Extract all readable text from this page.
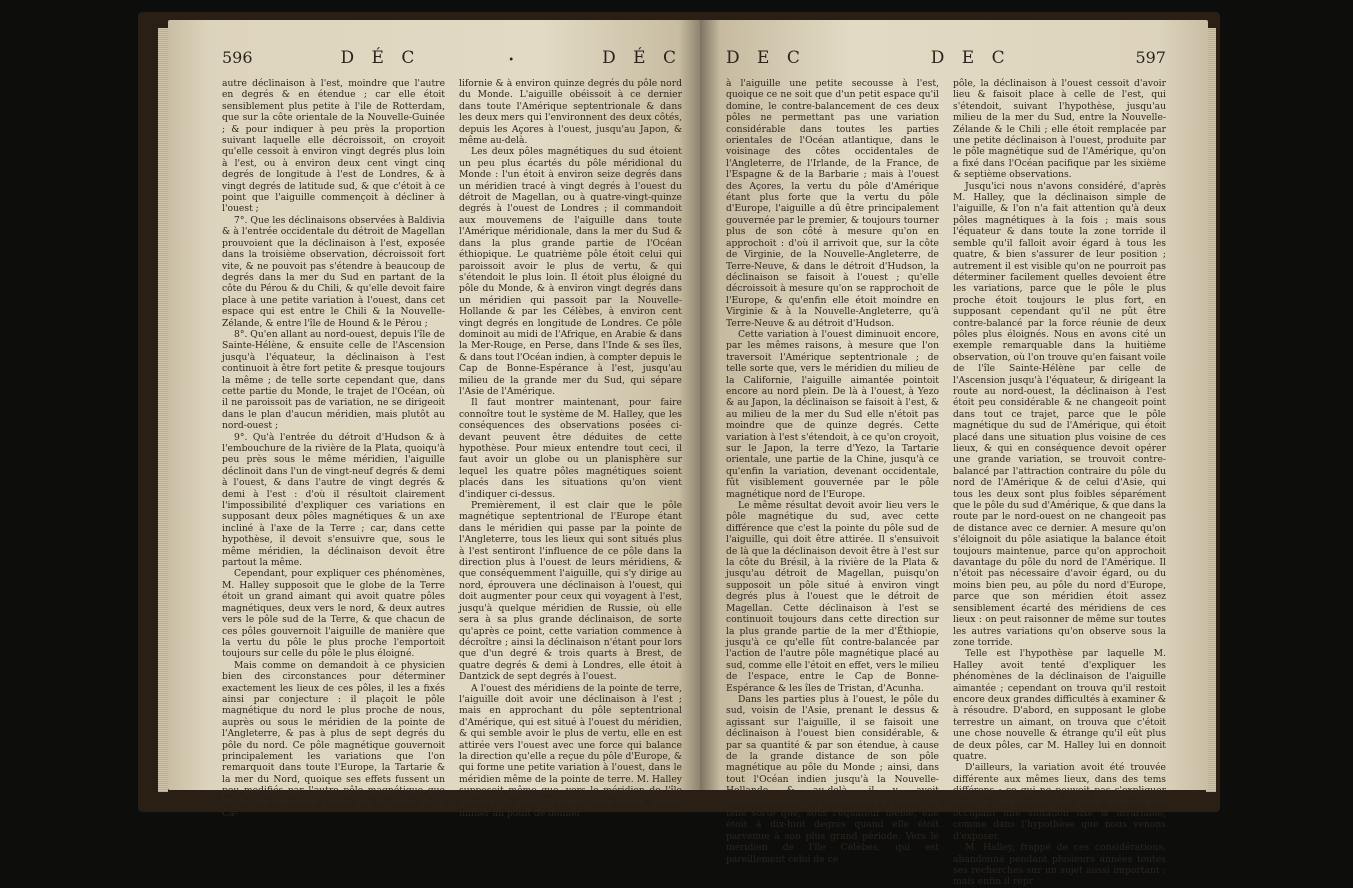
596	D É C	•	D É C

autre déclinaison à l'est, moindre que l'autre en degrés & en étendue ; car elle étoit sensiblement plus petite à l'ile de Rotterdam, que sur la côte orientale de la Nouvelle-Guinée ; & pour indiquer à peu près la proportion suivant laquelle elle décroissoit, on croyoit qu'elle cessoit à environ vingt degrés plus loin à l'est, ou à environ deux cent vingt cinq degrés de longitude à l'est de Londres, & à vingt degrés de latitude sud, & que c'étoit à ce point que l'aiguille commençoit à décliner à l'ouest ;

7°. Que les déclinaisons observées à Baldivia & à l'entrée occidentale du détroit de Magellan prouvoient que la déclinaison à l'est, exposée dans la troisième observation, décroissoit fort vite, & ne pouvoit pas s'étendre à beaucoup de degrés dans la mer du Sud en partant de la côte du Pérou & du Chili, & qu'elle devoit faire place à une petite variation à l'ouest, dans cet espace qui est entre le Chili & la Nouvelle-Zélande, & entre l'île de Hound & le Pérou ;

8°. Qu'en allant au nord-ouest, depuis l'île de Sainte-Hélène, & ensuite celle de l'Ascension jusqu'à l'équateur, la déclinaison à l'est continuoit à être fort petite & presque toujours la même ; de telle sorte cependant que, dans cette partie du Monde, le trajet de l'Océan, où il ne paroissoit pas de variation, ne se dirigeoit dans le plan d'aucun méridien, mais plutôt au nord-ouest ;

9°. Qu'à l'entrée du détroit d'Hudson & à l'embouchure de la rivière de la Plata, quoiqu'à peu près sous le même méridien, l'aiguille déclinoit dans l'un de vingt-neuf degrés & demi à l'ouest, & dans l'autre de vingt degrés & demi à l'est : d'où il résultoit clairement l'impossibilité d'expliquer ces variations en supposant deux pôles magnétiques & un axe incliné à l'axe de la Terre ; car, dans cette hypothèse, il devoit s'ensuivre que, sous le même méridien, la déclinaison devoit être partout la même.

Cependant, pour expliquer ces phénomènes, M. Halley supposoit que le globe de la Terre étoit un grand aimant qui avoit quatre pôles magnétiques, deux vers le nord, & deux autres vers le pôle sud de la Terre, & que chacun de ces pôles gouvernoit l'aiguille de manière que la vertu du pôle le plus proche l'emportoit toujours sur celle du pôle le plus éloigné.

Mais comme on demandoit à ce physicien bien des circonstances pour déterminer exactement les lieux de ces pôles, il les a fixés ainsi par conjecture : il plaçoit le pôle magnétique du nord le plus proche de nous, auprès ou sous le méridien de la pointe de l'Angleterre, & pas à plus de sept degrés du pôle du nord. Ce pôle magnétique gouvernoit principalement les variations que l'on remarquoit dans toute l'Europe, la Tartarie & la mer du Nord, quoique ses effets fussent un peu modifiés par l'autre pôle magnétique que M. Halley supposoit passer par le milieu de la Ca-

lifornie & à environ quinze degrés du pôle nord du Monde. L'aiguille obéissoit à ce dernier dans toute l'Amérique septentrionale & dans les deux mers qui l'environnent des deux côtés, depuis les Açores à l'ouest, jusqu'au Japon, & même au-delà.

Les deux pôles magnétiques du sud étoient un peu plus écartés du pôle méridional du Monde : l'un étoit à environ seize degrés dans un méridien tracé à vingt degrés à l'ouest du détroit de Magellan, ou à quatre-vingt-quinze degrés à l'ouest de Londres ; il commandoit aux mouvemens de l'aiguille dans toute l'Amérique méridionale, dans la mer du Sud & dans la plus grande partie de l'Océan éthiopique. Le quatrième pôle étoit celui qui paroissoit avoir le plus de vertu, & qui s'étendoit le plus loin. Il étoit plus éloigné du pôle du Monde, & à environ vingt degrés dans un méridien qui passoit par la Nouvelle-Hollande & par les Célèbes, à environ cent vingt degrés en longitude de Londres. Ce pôle dominoit au midi de l'Afrique, en Arabie & dans la Mer-Rouge, en Perse, dans l'Inde & ses îles, & dans tout l'Océan indien, à compter depuis le Cap de Bonne-Espérance à l'est, jusqu'au milieu de la grande mer du Sud, qui sépare l'Asie de l'Amérique.

Il faut montrer maintenant, pour faire connoître tout le système de M. Halley, que les conséquences des observations posées ci-devant peuvent être déduites de cette hypothèse. Pour mieux entendre tout ceci, il faut avoir un globe ou un planisphère sur lequel les quatre pôles magnétiques soient placés dans les situations qu'on vient d'indiquer ci-dessus.

Premièrement, il est clair que le pôle magnétique septentrional de l'Europe étant dans le méridien qui passe par la pointe de l'Angleterre, tous les lieux qui sont situés plus à l'est sentiront l'influence de ce pôle dans la direction plus à l'ouest de leurs méridiens, & que conséquemment l'aiguille, qui s'y dirige au nord, éprouvera une déclinaison à l'ouest, qui doit augmenter pour ceux qui voyagent à l'est, jusqu'à quelque méridien de Russie, où elle sera à sa plus grande déclinaison, de sorte qu'après ce point, cette variation commence à décroître ; ainsi la déclinaison n'étant pour lors que d'un degré & trois quarts à Brest, de quatre degrés & demi à Londres, elle étoit à Dantzick de sept degrés à l'ouest.

A l'ouest des méridiens de la pointe de terre, l'aiguille doit avoir une déclinaison à l'est ; mais en approchant du pôle septentrional d'Amérique, qui est situé à l'ouest du méridien, & qui semble avoir le plus de vertu, elle en est attirée vers l'ouest avec une force qui balance la direction qu'elle a reçue du pôle d'Europe, & qui forme une petite variation à l'ouest, dans le méridien même de la pointe de terre. M. Halley supposoit même que, vers le méridien de l'île Tercère, le pôle d'Europe, plus voisin, devoit influer au point de donner

D E C	D E C	597

à l'aiguille une petite secousse à l'est, quoique ce ne soit que d'un petit espace qu'il domine, le contre-balancement de ces deux pôles ne permettant pas une variation considérable dans toutes les parties orientales de l'Océan atlantique, dans le voisinage des côtes occidentales de l'Angleterre, de l'Irlande, de la France, de l'Espagne & de la Barbarie ; mais à l'ouest des Açores, la vertu du pôle d'Amérique étant plus forte que la vertu du pôle d'Europe, l'aiguille a dû être principalement gouvernée par le premier, & toujours tourner plus de son côté à mesure qu'on en approchoit : d'où il arrivoit que, sur la côte de Virginie, de la Nouvelle-Angleterre, de Terre-Neuve, & dans le détroit d'Hudson, la déclinaison se faisoit à l'ouest ; qu'elle décroissoit à mesure qu'on se rapprochoit de l'Europe, & qu'enfin elle étoit moindre en Virginie & à la Nouvelle-Angleterre, qu'à Terre-Neuve & au détroit d'Hudson.

Cette variation à l'ouest diminuoit encore, par les mêmes raisons, à mesure que l'on traversoit l'Amérique septentrionale ; de telle sorte que, vers le méridien du milieu de la Californie, l'aiguille aimantée pointoit encore au nord plein. De là à l'ouest, à Yezo & au Japon, la déclinaison se faisoit à l'est, & au milieu de la mer du Sud elle n'étoit pas moindre que de quinze degrés. Cette variation à l'est s'étendoit, à ce qu'on croyoit, sur le Japon, la terre d'Yezo, la Tartarie orientale, une partie de la Chine, jusqu'à ce qu'enfin la variation, devenant occidentale, fût visiblement gouvernée par le pôle magnétique nord de l'Europe.

Le même résultat devoit avoir lieu vers le pôle magnétique du sud, avec cette différence que c'est la pointe du pôle sud de l'aiguille, qui doit être attirée. Il s'ensuivoit de là que la déclinaison devoit être à l'est sur la côte du Brésil, à la rivière de la Plata & jusqu'au détroit de Magellan, puisqu'on supposoit un pôle situé à environ vingt degrés plus à l'ouest que le détroit de Magellan. Cette déclinaison à l'est se continuoit toujours dans cette direction sur la plus grande partie de la mer d'Éthiopie, jusqu'à ce qu'elle fût contre-balancée par l'action de l'autre pôle magnétique placé au sud, comme elle l'étoit en effet, vers le milieu de l'espace, entre le Cap de Bonne-Espérance & les îles de Tristan, d'Acunha.

Dans les parties plus à l'ouest, le pôle du sud, voisin de l'Asie, prenant le dessus & agissant sur l'aiguille, il se faisoit une déclinaison à l'ouest bien considérable, & par sa quantité & par son étendue, à cause de la grande distance de son pôle magnétique au pôle du Monde ; ainsi, dans tout l'Océan indien jusqu'à la Nouvelle-Hollande & au-delà, il y avoit continuellement une déclinaison à l'ouest, de telle sorte que, sous l'équateur même, elle étoit à dix-huit degrés quand elle étoit parvenue à son plus grand période. Vers le méridien de l'île Célèbes, qui est pareillement celui de ce

pôle, la déclinaison à l'ouest cessoit d'avoir lieu & faisoit place à celle de l'est, qui s'étendoit, suivant l'hypothèse, jusqu'au milieu de la mer du Sud, entre la Nouvelle-Zélande & le Chili ; elle étoit remplacée par une petite déclinaison à l'ouest, produite par le pôle magnétique sud de l'Amérique, qu'on a fixé dans l'Océan pacifique par les sixième & septième observations.

Jusqu'ici nous n'avons considéré, d'après M. Halley, que la déclinaison simple de l'aiguille, & l'on n'a fait attention qu'à deux pôles magnétiques à la fois ; mais sous l'équateur & dans toute la zone torride il semble qu'il falloit avoir égard à tous les quatre, & bien s'assurer de leur position ; autrement il est visible qu'on ne pourroit pas déterminer facilement quelles devoient être les variations, parce que le pôle le plus proche étoit toujours le plus fort, en supposant cependant qu'il ne pût être contre-balancé par la force réunie de deux pôles plus éloignés. Nous en avons cité un exemple remarquable dans la huitième observation, où l'on trouve qu'en faisant voile de l'île Sainte-Hélène par celle de l'Ascension jusqu'à l'équateur, & dirigeant la route au nord-ouest, la déclinaison à l'est étoit peu considérable & ne changeoit point dans tout ce trajet, parce que le pôle magnétique du sud de l'Amérique, qui étoit placé dans une situation plus voisine de ces lieux, & qui en conséquence devoit opérer une grande variation, se trouvoit contre-balancé par l'attraction contraire du pôle du nord de l'Amérique & de celui d'Asie, qui tous les deux sont plus foibles séparément que le pôle du sud d'Amérique, & que dans la route par le nord-ouest on ne changeoit pas de distance avec ce dernier. A mesure qu'on s'éloignoit du pôle asiatique la balance étoit toujours maintenue, parce qu'on approchoit davantage du pôle du nord de l'Amérique. Il n'étoit pas nécessaire d'avoir égard, ou du moins bien peu, au pôle du nord d'Europe, parce que son méridien étoit assez sensiblement écarté des méridiens de ces lieux : on peut raisonner de même sur toutes les autres variations qu'on observe sous la zone torride.

Telle est l'hypothèse par laquelle M. Halley avoit tenté d'expliquer les phénomènes de la déclinaison de l'aiguille aimantée ; cependant on trouva qu'il restoit encore deux grandes difficultés à examiner & à résoudre. D'abord, en supposant le globe terrestre un aimant, on trouva que c'étoit une chose nouvelle & étrange qu'il eût plus de deux pôles, car M. Halley lui en donnoit quatre.

D'ailleurs, la variation avoit été trouvée différente aux mêmes lieux, dans des tems différens ; ce qui ne pouvoit pas s'expliquer dans la supposition des pôles magnétiques occupant une situation fixe & invariable, comme dans l'hypothèse que nous venons d'exposer.

M. Halley, frappé de ces considérations, abandonna pendant plusieurs années toutes ses recherches sur un sujet aussi important ; mais enfin il repr
